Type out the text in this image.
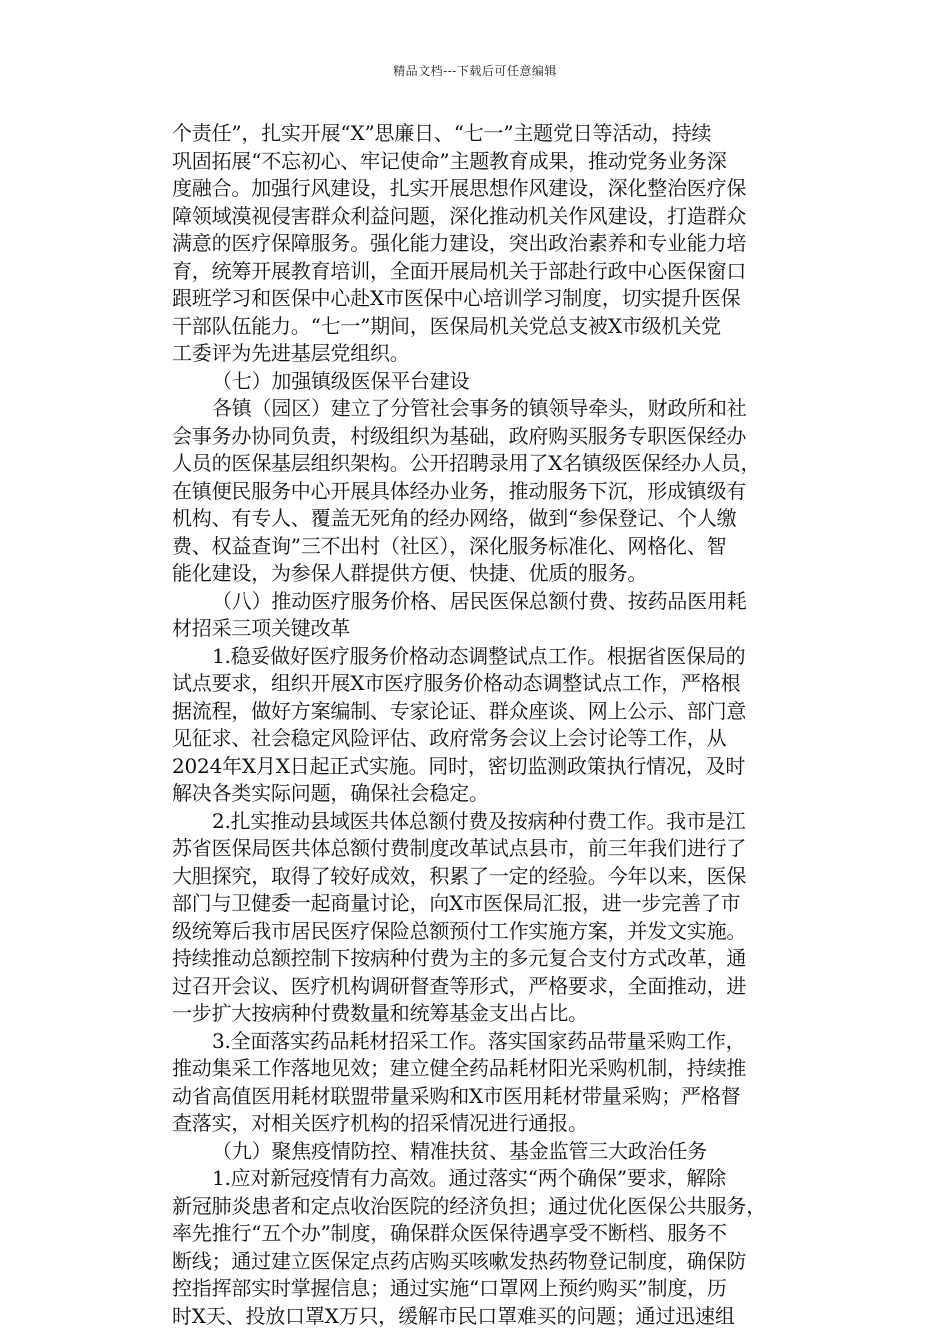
精品文档---下载后可任意编辑
个责任”，扎实开展“X”思廉日、“七一”主题党日等活动，持续
巩固拓展“不忘初心、牢记使命”主题教育成果，推动党务业务深
度融合。加强行风建设，扎实开展思想作风建设，深化整治医疗保
障领域漠视侵害群众利益问题，深化推动机关作风建设，打造群众
满意的医疗保障服务。强化能力建设，突出政治素养和专业能力培
育，统筹开展教育培训，全面开展局机关于部赴行政中心医保窗口
跟班学习和医保中心赴X市医保中心培训学习制度，切实提升医保
干部队伍能力。“七一”期间，医保局机关党总支被X市级机关党
工委评为先进基层党组织。
（七）加强镇级医保平台建设
各镇（园区）建立了分管社会事务的镇领导牵头，财政所和社
会事务办协同负责，村级组织为基础，政府购买服务专职医保经办
人员的医保基层组织架构。公开招聘录用了X名镇级医保经办人员，
在镇便民服务中心开展具体经办业务，推动服务下沉，形成镇级有
机构、有专人、覆盖无死角的经办网络，做到“参保登记、个人缴
费、权益查询”三不出村（社区），深化服务标准化、网格化、智
能化建设，为参保人群提供方便、快捷、优质的服务。
（八）推动医疗服务价格、居民医保总额付费、按药品医用耗
材招采三项关键改革
1.稳妥做好医疗服务价格动态调整试点工作。根据省医保局的
试点要求，组织开展X市医疗服务价格动态调整试点工作，严格根
据流程，做好方案编制、专家论证、群众座谈、网上公示、部门意
见征求、社会稳定风险评估、政府常务会议上会讨论等工作，从
2024年X月X日起正式实施。同时，密切监测政策执行情况，及时
解决各类实际问题，确保社会稳定。
2.扎实推动县域医共体总额付费及按病种付费工作。我市是江
苏省医保局医共体总额付费制度改革试点县市，前三年我们进行了
大胆探究，取得了较好成效，积累了一定的经验。今年以来，医保
部门与卫健委一起商量讨论，向X市医保局汇报，进一步完善了市
级统筹后我市居民医疗保险总额预付工作实施方案，并发文实施。
持续推动总额控制下按病种付费为主的多元复合支付方式改革，通
过召开会议、医疗机构调研督查等形式，严格要求，全面推动，进
一步扩大按病种付费数量和统筹基金支出占比。
3.全面落实药品耗材招采工作。落实国家药品带量采购工作，
推动集采工作落地见效；建立健全药品耗材阳光采购机制，持续推
动省高值医用耗材联盟带量采购和X市医用耗材带量采购；严格督
查落实，对相关医疗机构的招采情况进行通报。
（九）聚焦疫情防控、精准扶贫、基金监管三大政治任务
1.应对新冠疫情有力高效。通过落实“两个确保”要求，解除
新冠肺炎患者和定点收治医院的经济负担；通过优化医保公共服务，
率先推行“五个办”制度，确保群众医保待遇享受不断档、服务不
断线；通过建立医保定点药店购买咳嗽发热药物登记制度，确保防
控指挥部实时掌握信息；通过实施“口罩网上预约购买”制度，历
时X天、投放口罩X万只，缓解市民口罩难买的问题；通过迅速组
